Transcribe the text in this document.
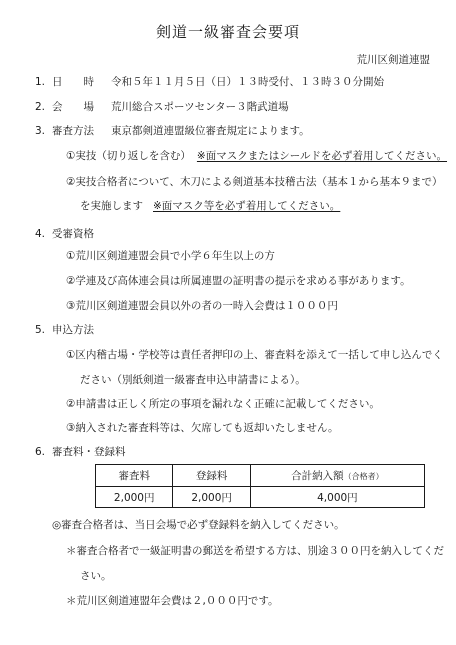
剣道一級審査会要項
荒川区剣道連盟
1. 日　　時 令和５年１１月５日（日）１３時受付、１３時３０分開始
2. 会　　場 荒川総合スポーツセンター３階武道場
3. 審査方法 東京都剣道連盟級位審査規定によります。
①実技（切り返しを含む） ※面マスクまたはシールドを必ず着用してください。
②実技合格者について、木刀による剣道基本技稽古法（基本１から基本９まで）
を実施します ※面マスク等を必ず着用してください。
4. 受審資格
①荒川区剣道連盟会員で小学６年生以上の方
②学連及び高体連会員は所属連盟の証明書の提示を求める事があります。
③荒川区剣道連盟会員以外の者の一時入会費は１０００円
5. 申込方法
①区内稽古場・学校等は責任者押印の上、審査料を添えて一括して申し込んでく
ださい（別紙剣道一級審査申込申請書による）。
②申請書は正しく所定の事項を漏れなく正確に記載してください。
③納入された審査料等は、欠席しても返却いたしません。
6. 審査料・登録料
審査料	登録料	合計納入額（合格者）
2,000円	2,000円	4,000円
◎審査合格者は、当日会場で必ず登録料を納入してください。
＊審査合格者で一級証明書の郵送を希望する方は、別途３００円を納入してくだ
さい。
＊荒川区剣道連盟年会費は２,０００円です。
